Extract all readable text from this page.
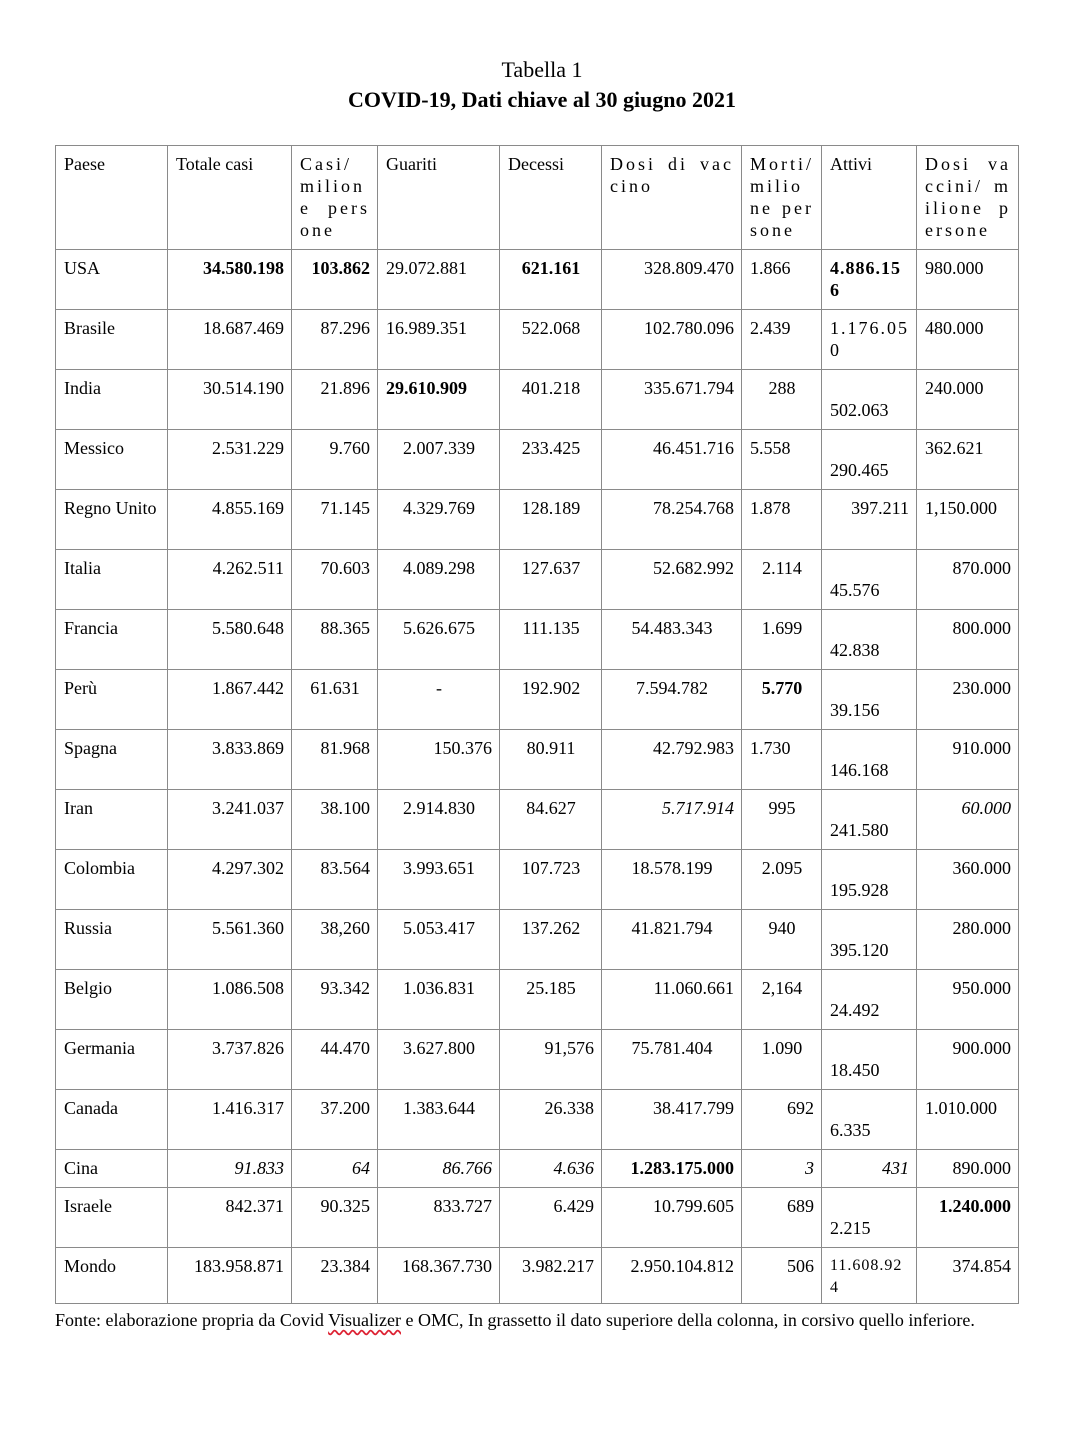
Tabella 1
COVID-19, Dati chiave al 30 giugno 2021
Paese	Totale casi	Casi/ milione persone	Guariti	Decessi	Dosi di vaccino	Morti/ milione persone	Attivi	Dosi vaccini/ milione persone
USA	34.580.198	103.862	29.072.881	621.161	328.809.470	1.866	4.886.156	980.000
Brasile	18.687.469	87.296	16.989.351	522.068	102.780.096	2.439	1.176.050	480.000
India	30.514.190	21.896	29.610.909	401.218	335.671.794	288	502.063	240.000
Messico	2.531.229	9.760	2.007.339	233.425	46.451.716	5.558	290.465	362.621
Regno Unito	4.855.169	71.145	4.329.769	128.189	78.254.768	1.878	397.211	1,150.000
Italia	4.262.511	70.603	4.089.298	127.637	52.682.992	2.114	45.576	870.000
Francia	5.580.648	88.365	5.626.675	111.135	54.483.343	1.699	42.838	800.000
Perù	1.867.442	61.631	-	192.902	7.594.782	5.770	39.156	230.000
Spagna	3.833.869	81.968	150.376	80.911	42.792.983	1.730	146.168	910.000
Iran	3.241.037	38.100	2.914.830	84.627	5.717.914	995	241.580	60.000
Colombia	4.297.302	83.564	3.993.651	107.723	18.578.199	2.095	195.928	360.000
Russia	5.561.360	38,260	5.053.417	137.262	41.821.794	940	395.120	280.000
Belgio	1.086.508	93.342	1.036.831	25.185	11.060.661	2,164	24.492	950.000
Germania	3.737.826	44.470	3.627.800	91,576	75.781.404	1.090	18.450	900.000
Canada	1.416.317	37.200	1.383.644	26.338	38.417.799	692	6.335	1.010.000
Cina	91.833	64	86.766	4.636	1.283.175.000	3	431	890.000
Israele	842.371	90.325	833.727	6.429	10.799.605	689	2.215	1.240.000
Mondo	183.958.871	23.384	168.367.730	3.982.217	2.950.104.812	506	11.608.924	374.854
Fonte: elaborazione propria da Covid Visualizer e OMC, In grassetto il dato superiore della colonna, in corsivo quello inferiore.
